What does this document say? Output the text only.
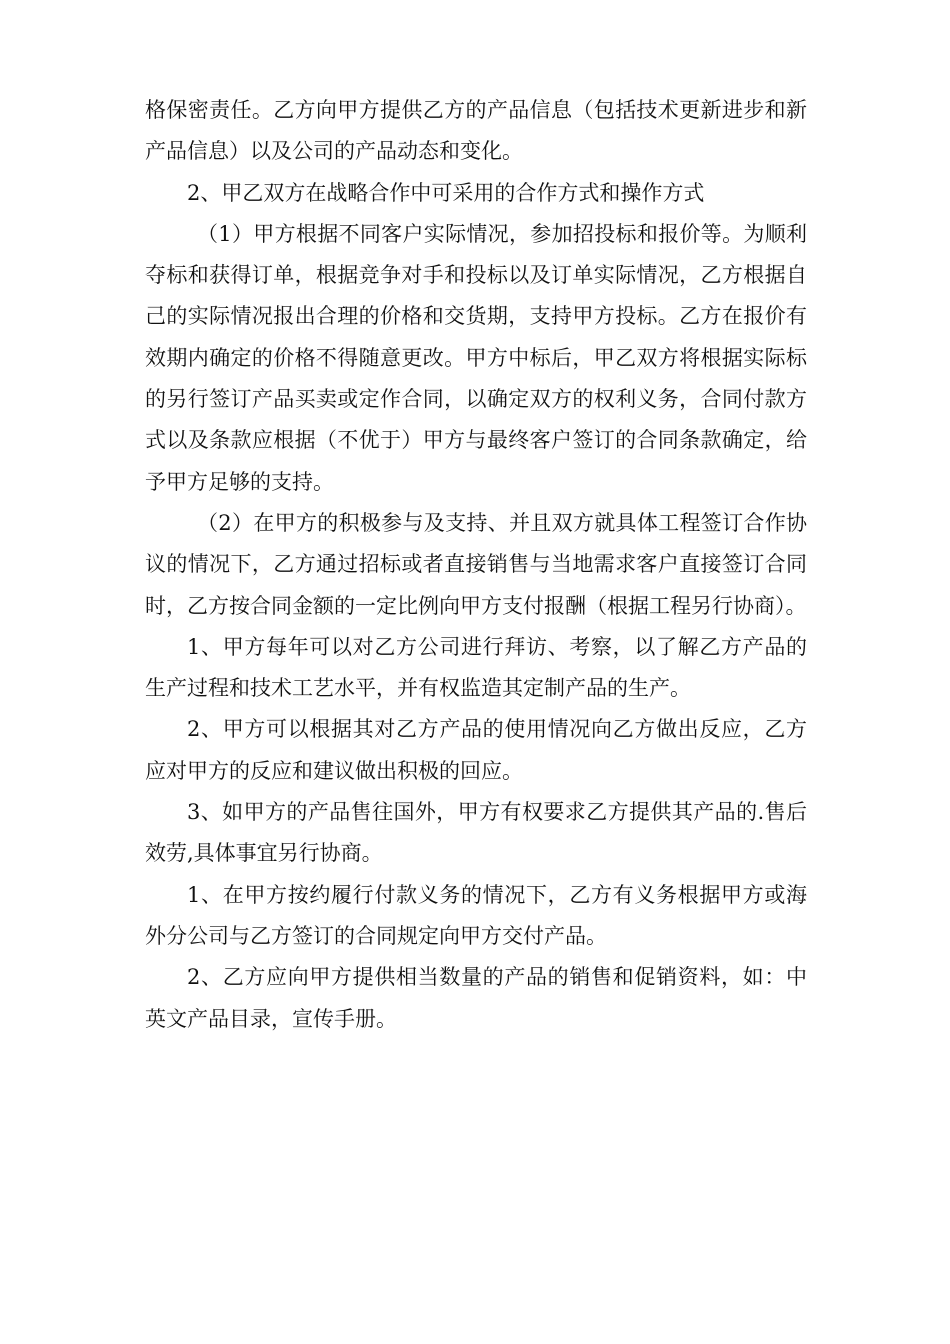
格保密责任。乙方向甲方提供乙方的产品信息（包括技术更新进步和新产品信息）以及公司的产品动态和变化。

2、甲乙双方在战略合作中可采用的合作方式和操作方式

（1）甲方根据不同客户实际情况，参加招投标和报价等。为顺利夺标和获得订单，根据竞争对手和投标以及订单实际情况，乙方根据自己的实际情况报出合理的价格和交货期，支持甲方投标。乙方在报价有效期内确定的价格不得随意更改。甲方中标后，甲乙双方将根据实际标的另行签订产品买卖或定作合同，以确定双方的权利义务，合同付款方式以及条款应根据（不优于）甲方与最终客户签订的合同条款确定，给予甲方足够的支持。

（2）在甲方的积极参与及支持、并且双方就具体工程签订合作协议的情况下，乙方通过招标或者直接销售与当地需求客户直接签订合同时，乙方按合同金额的一定比例向甲方支付报酬（根据工程另行协商）。

1、甲方每年可以对乙方公司进行拜访、考察，以了解乙方产品的生产过程和技术工艺水平，并有权监造其定制产品的生产。

2、甲方可以根据其对乙方产品的使用情况向乙方做出反应，乙方应对甲方的反应和建议做出积极的回应。

3、如甲方的产品售往国外，甲方有权要求乙方提供其产品的.售后效劳,具体事宜另行协商。

1、在甲方按约履行付款义务的情况下，乙方有义务根据甲方或海外分公司与乙方签订的合同规定向甲方交付产品。

2、乙方应向甲方提供相当数量的产品的销售和促销资料，如：中英文产品目录，宣传手册。
